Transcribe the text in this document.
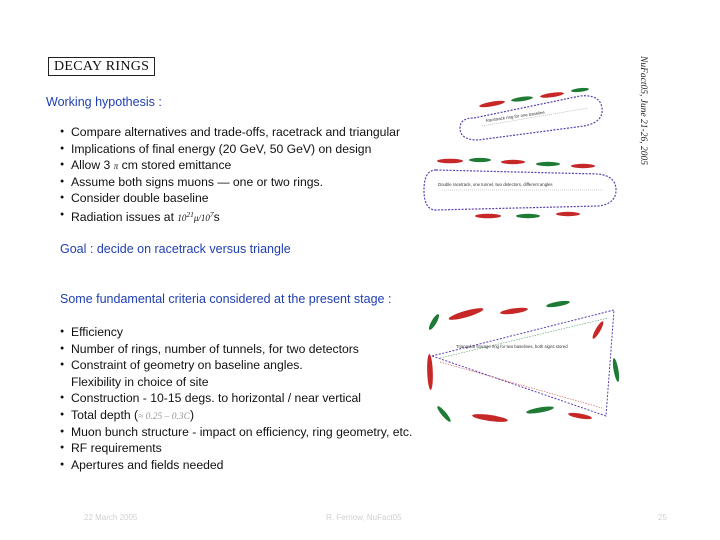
DECAY RINGS	NuFact05, June 21-26, 2005
Working hypothesis :
● Compare alternatives and trade-offs, racetrack and triangular
● Implications of final energy (20 GeV, 50 GeV) on design
● Allow 3 π cm stored emittance
● Assume both signs muons — one or two rings.
● Consider double baseline
● Radiation issues at $10^{21}\mu/10^7s$
Goal : decide on racetrack versus triangle
Some fundamental criteria considered at the present stage :
● Efficiency
● Number of rings, number of tunnels, for two detectors
● Constraint of geometry on baseline angles.
Flexibility in choice of site
● Construction - 10-15 degs. to horizontal / near vertical
● Total depth (≈ 0.25 – 0.3C)
● Muon bunch structure - impact on efficiency, ring geometry, etc.
● RF requirements
● Apertures and fields needed
Racetrack ring for one baseline
Double racetrack, one tunnel, two detectors, different angles
Triangular storage ring for two baselines, both signs stored
22 March 2005	R. Fernow, NuFact05	25
